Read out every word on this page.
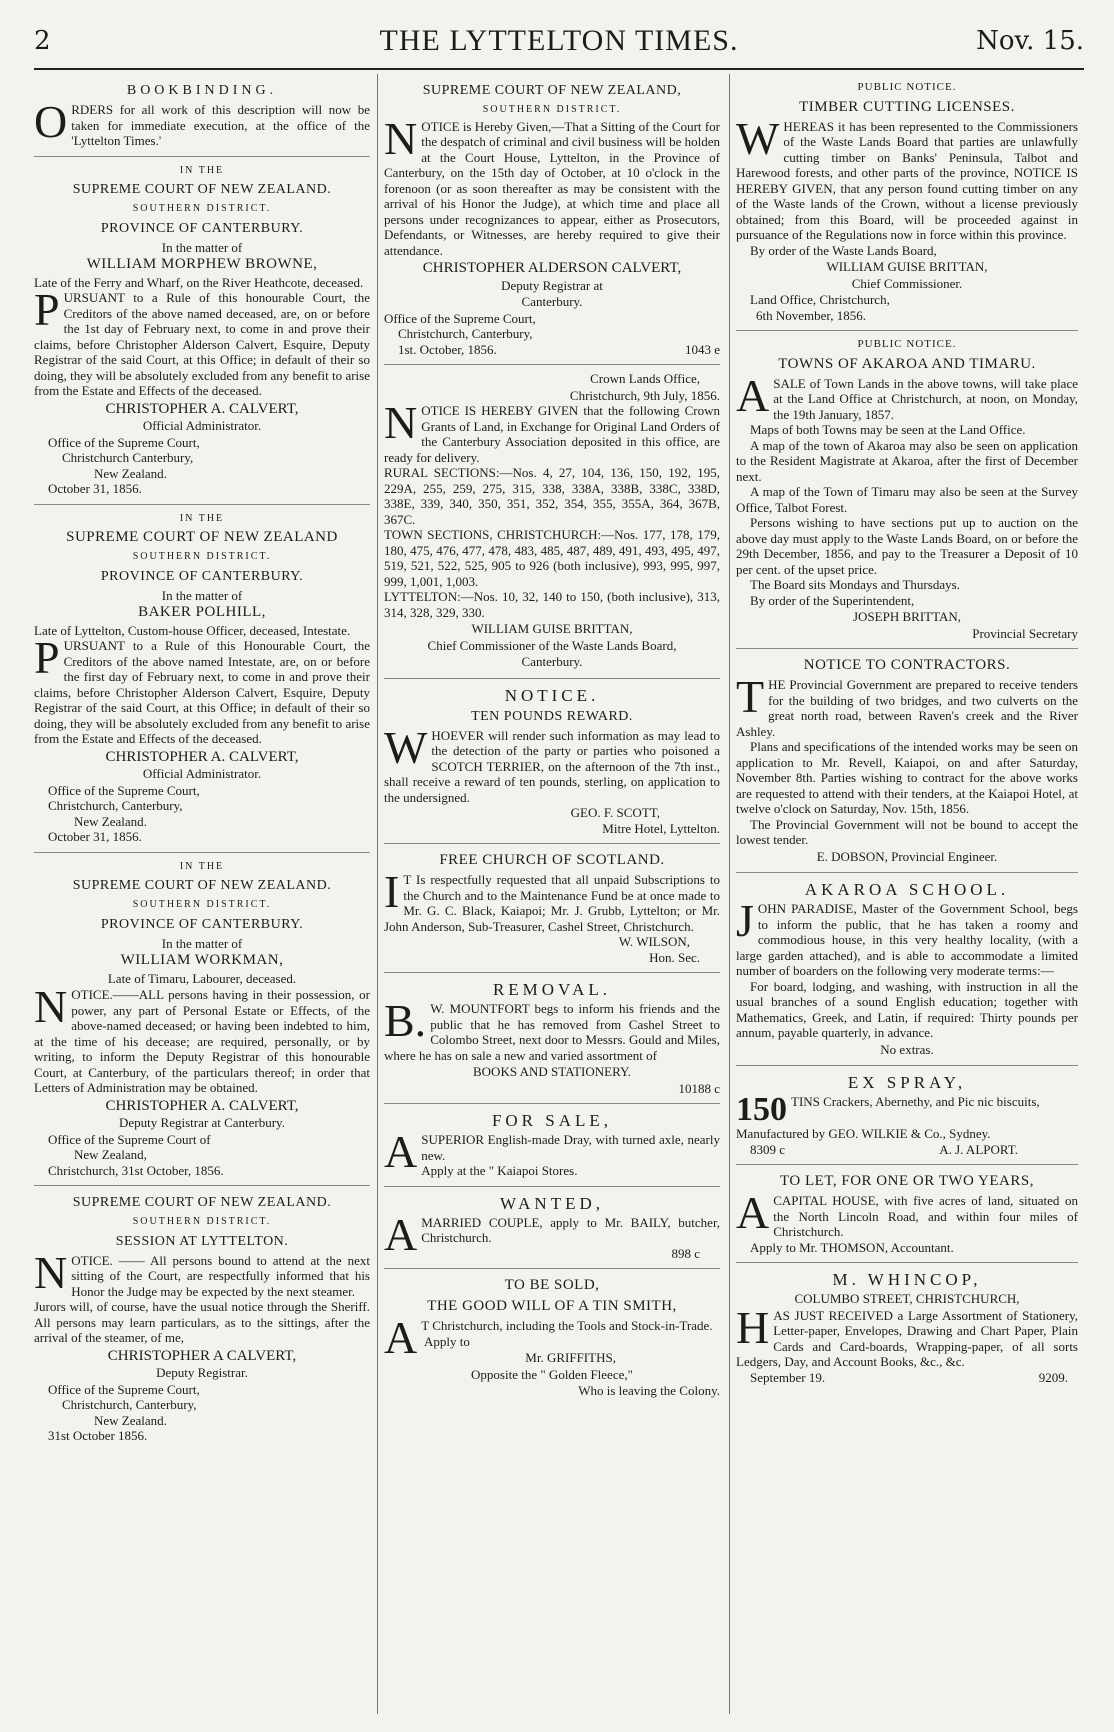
2	THE LYTTELTON TIMES.	Nov. 15.
BOOKBINDING.

ORDERS for all work of this description will now be taken for immediate execution, at the office of the 'Lyttelton Times.'

IN THE
SUPREME COURT OF NEW ZEALAND.
SOUTHERN DISTRICT.
PROVINCE OF CANTERBURY.
In the matter of
WILLIAM MORPHEW BROWNE,

Late of the Ferry and Wharf, on the River Heathcote, deceased.

PURSUANT to a Rule of this honourable Court, the Creditors of the above named deceased, are, on or before the 1st day of February next, to come in and prove their claims, before Christopher Alderson Calvert, Esquire, Deputy Registrar of the said Court, at this Office; in default of their so doing, they will be absolutely excluded from any benefit to arise from the Estate and Effects of the deceased.

CHRISTOPHER A. CALVERT,
Official Administrator.

Office of the Supreme Court,

Christchurch Canterbury,

New Zealand.

October 31, 1856.

IN THE
SUPREME COURT OF NEW ZEALAND
SOUTHERN DISTRICT.
PROVINCE OF CANTERBURY.
In the matter of
BAKER POLHILL,

Late of Lyttelton, Custom-house Officer, deceased, Intestate.

PURSUANT to a Rule of this Honourable Court, the Creditors of the above named Intestate, are, on or before the first day of February next, to come in and prove their claims, before Christopher Alderson Calvert, Esquire, Deputy Registrar of the said Court, at this Office; in default of their so doing, they will be absolutely excluded from any benefit to arise from the Estate and Effects of the deceased.

CHRISTOPHER A. CALVERT,
Official Administrator.

Office of the Supreme Court,

Christchurch, Canterbury,

New Zealand.

October 31, 1856.

IN THE
SUPREME COURT OF NEW ZEALAND.
SOUTHERN DISTRICT.
PROVINCE OF CANTERBURY.
In the matter of
WILLIAM WORKMAN,
Late of Timaru, Labourer, deceased.

NOTICE.——ALL persons having in their possession, or power, any part of Personal Estate or Effects, of the above-named deceased; or having been indebted to him, at the time of his decease; are required, personally, or by writing, to inform the Deputy Registrar of this honourable Court, at Canterbury, of the particulars thereof; in order that Letters of Administration may be obtained.

CHRISTOPHER A. CALVERT,
Deputy Registrar at Canterbury.

Office of the Supreme Court of

New Zealand,

Christchurch, 31st October, 1856.

SUPREME COURT OF NEW ZEALAND.
SOUTHERN DISTRICT.
SESSION AT LYTTELTON.

NOTICE. —— All persons bound to attend at the next sitting of the Court, are respectfully informed that his Honor the Judge may be expected by the next steamer.

Jurors will, of course, have the usual notice through the Sheriff. All persons may learn particulars, as to the sittings, after the arrival of the steamer, of me,

CHRISTOPHER A CALVERT,
Deputy Registrar.

Office of the Supreme Court,

Christchurch, Canterbury,

New Zealand.

31st October 1856.

SUPREME COURT OF NEW ZEALAND,
SOUTHERN DISTRICT.

NOTICE is Hereby Given,—That a Sitting of the Court for the despatch of criminal and civil business will be holden at the Court House, Lyttelton, in the Province of Canterbury, on the 15th day of October, at 10 o'clock in the forenoon (or as soon thereafter as may be consistent with the arrival of his Honor the Judge), at which time and place all persons under recognizances to appear, either as Prosecutors, Defendants, or Witnesses, are hereby required to give their attendance.

CHRISTOPHER ALDERSON CALVERT,
Deputy Registrar at
Canterbury.

Office of the Supreme Court,

Christchurch, Canterbury,

1st. October, 1856.	1043 e
Crown Lands Office,
Christchurch, 9th July, 1856.

NOTICE IS HEREBY GIVEN that the following Crown Grants of Land, in Exchange for Original Land Orders of the Canterbury Association deposited in this office, are ready for delivery.

RURAL SECTIONS:—Nos. 4, 27, 104, 136, 150, 192, 195, 229A, 255, 259, 275, 315, 338, 338A, 338B, 338C, 338D, 338E, 339, 340, 350, 351, 352, 354, 355, 355A, 364, 367B, 367C.

TOWN SECTIONS, CHRISTCHURCH:—Nos. 177, 178, 179, 180, 475, 476, 477, 478, 483, 485, 487, 489, 491, 493, 495, 497, 519, 521, 522, 525, 905 to 926 (both inclusive), 993, 995, 997, 999, 1,001, 1,003.

LYTTELTON:—Nos. 10, 32, 140 to 150, (both inclusive), 313, 314, 328, 329, 330.

WILLIAM GUISE BRITTAN,
Chief Commissioner of the Waste Lands Board,
Canterbury.
NOTICE.
TEN POUNDS REWARD.

WHOEVER will render such information as may lead to the detection of the party or parties who poisoned a SCOTCH TERRIER, on the afternoon of the 7th inst., shall receive a reward of ten pounds, sterling, on application to the undersigned.

GEO. F. SCOTT,
Mitre Hotel, Lyttelton.
FREE CHURCH OF SCOTLAND.

IT Is respectfully requested that all unpaid Subscriptions to the Church and to the Maintenance Fund be at once made to Mr. G. C. Black, Kaiapoi; Mr. J. Grubb, Lyttelton; or Mr. John Anderson, Sub-Treasurer, Cashel Street, Christchurch.

W. WILSON,
Hon. Sec.
REMOVAL.

B.W. MOUNTFORT begs to inform his friends and the public that he has removed from Cashel Street to Colombo Street, next door to Messrs. Gould and Miles, where he has on sale a new and varied assortment of

BOOKS AND STATIONERY.
10188 c
FOR SALE,

ASUPERIOR English-made Dray, with turned axle, nearly new.

Apply at the " Kaiapoi Stores.

WANTED,

AMARRIED COUPLE, apply to Mr. BAILY, butcher, Christchurch.

898 c
TO BE SOLD,
THE GOOD WILL OF A TIN SMITH,

AT Christchurch, including the Tools and Stock-in-Trade.

Apply to

Mr. GRIFFITHS,
Opposite the " Golden Fleece,"
Who is leaving the Colony.
PUBLIC NOTICE.
TIMBER CUTTING LICENSES.

WHEREAS it has been represented to the Commissioners of the Waste Lands Board that parties are unlawfully cutting timber on Banks' Peninsula, Talbot and Harewood forests, and other parts of the province, NOTICE IS HEREBY GIVEN, that any person found cutting timber on any of the Waste lands of the Crown, without a license previously obtained; from this Board, will be proceeded against in pursuance of the Regulations now in force within this province.

By order of the Waste Lands Board,

WILLIAM GUISE BRITTAN,
Chief Commissioner.

Land Office, Christchurch,

6th November, 1856.

PUBLIC NOTICE.
TOWNS OF AKAROA AND TIMARU.

ASALE of Town Lands in the above towns, will take place at the Land Office at Christchurch, at noon, on Monday, the 19th January, 1857.

Maps of both Towns may be seen at the Land Office.

A map of the town of Akaroa may also be seen on application to the Resident Magistrate at Akaroa, after the first of December next.

A map of the Town of Timaru may also be seen at the Survey Office, Talbot Forest.

Persons wishing to have sections put up to auction on the above day must apply to the Waste Lands Board, on or before the 29th December, 1856, and pay to the Treasurer a Deposit of 10 per cent. of the upset price.

The Board sits Mondays and Thursdays.

By order of the Superintendent,

JOSEPH BRITTAN,
Provincial Secretary
NOTICE TO CONTRACTORS.

THE Provincial Government are prepared to receive tenders for the building of two bridges, and two culverts on the great north road, between Raven's creek and the River Ashley.

Plans and specifications of the intended works may be seen on application to Mr. Revell, Kaiapoi, on and after Saturday, November 8th. Parties wishing to contract for the above works are requested to attend with their tenders, at the Kaiapoi Hotel, at twelve o'clock on Saturday, Nov. 15th, 1856.

The Provincial Government will not be bound to accept the lowest tender.

E. DOBSON, Provincial Engineer.
AKAROA SCHOOL.

JOHN PARADISE, Master of the Government School, begs to inform the public, that he has taken a roomy and commodious house, in this very healthy locality, (with a large garden attached), and is able to accommodate a limited number of boarders on the following very moderate terms:—

For board, lodging, and washing, with instruction in all the usual branches of a sound English education; together with Mathematics, Greek, and Latin, if required: Thirty pounds per annum, payable quarterly, in advance.

No extras.
EX SPRAY,

150 TINS Crackers, Abernethy, and Pic nic biscuits,

Manufactured by GEO. WILKIE & Co., Sydney.

8309 c	A. J. ALPORT.
TO LET, FOR ONE OR TWO YEARS,

ACAPITAL HOUSE, with five acres of land, situated on the North Lincoln Road, and within four miles of Christchurch.

Apply to Mr. THOMSON, Accountant.

M. WHINCOP,
COLUMBO STREET, CHRISTCHURCH,

HAS JUST RECEIVED a Large Assortment of Stationery, Letter-paper, Envelopes, Drawing and Chart Paper, Plain Cards and Card-boards, Wrapping-paper, of all sorts Ledgers, Day, and Account Books, &c., &c.

September 19.	9209.
